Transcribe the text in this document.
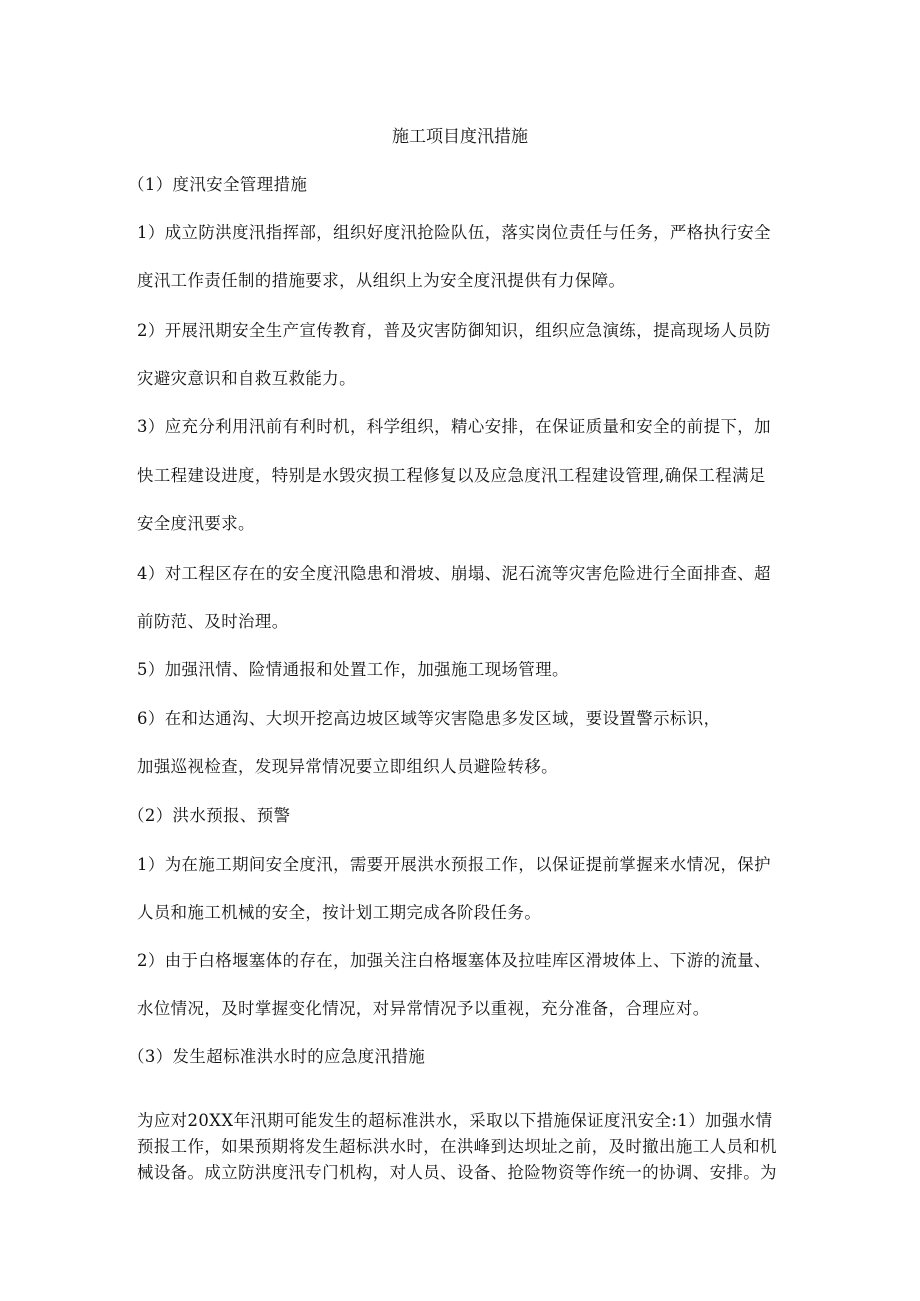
施工项目度汛措施
（1）度汛安全管理措施
1）成立防洪度汛指挥部，组织好度汛抢险队伍，落实岗位责任与任务，严格执行安全
度汛工作责任制的措施要求，从组织上为安全度汛提供有力保障。
2）开展汛期安全生产宣传教育，普及灾害防御知识，组织应急演练，提高现场人员防
灾避灾意识和自救互救能力。
3）应充分利用汛前有利时机，科学组织，精心安排，在保证质量和安全的前提下，加
快工程建设进度，特别是水毁灾损工程修复以及应急度汛工程建设管理,确保工程满足
安全度汛要求。
4）对工程区存在的安全度汛隐患和滑坡、崩塌、泥石流等灾害危险进行全面排查、超
前防范、及时治理。
5）加强汛情、险情通报和处置工作，加强施工现场管理。
6）在和达通沟、大坝开挖高边坡区域等灾害隐患多发区域，要设置警示标识，
加强巡视检查，发现异常情况要立即组织人员避险转移。
（2）洪水预报、预警
1）为在施工期间安全度汛，需要开展洪水预报工作，以保证提前掌握来水情况，保护
人员和施工机械的安全，按计划工期完成各阶段任务。
2）由于白格堰塞体的存在，加强关注白格堰塞体及拉哇库区滑坡体上、下游的流量、
水位情况，及时掌握变化情况，对异常情况予以重视，充分准备，合理应对。
（3）发生超标准洪水时的应急度汛措施
为应对20XX年汛期可能发生的超标准洪水，采取以下措施保证度汛安全:1）加强水情
预报工作，如果预期将发生超标洪水时，在洪峰到达坝址之前，及时撤出施工人员和机
械设备。成立防洪度汛专门机构，对人员、设备、抢险物资等作统一的协调、安排。为
